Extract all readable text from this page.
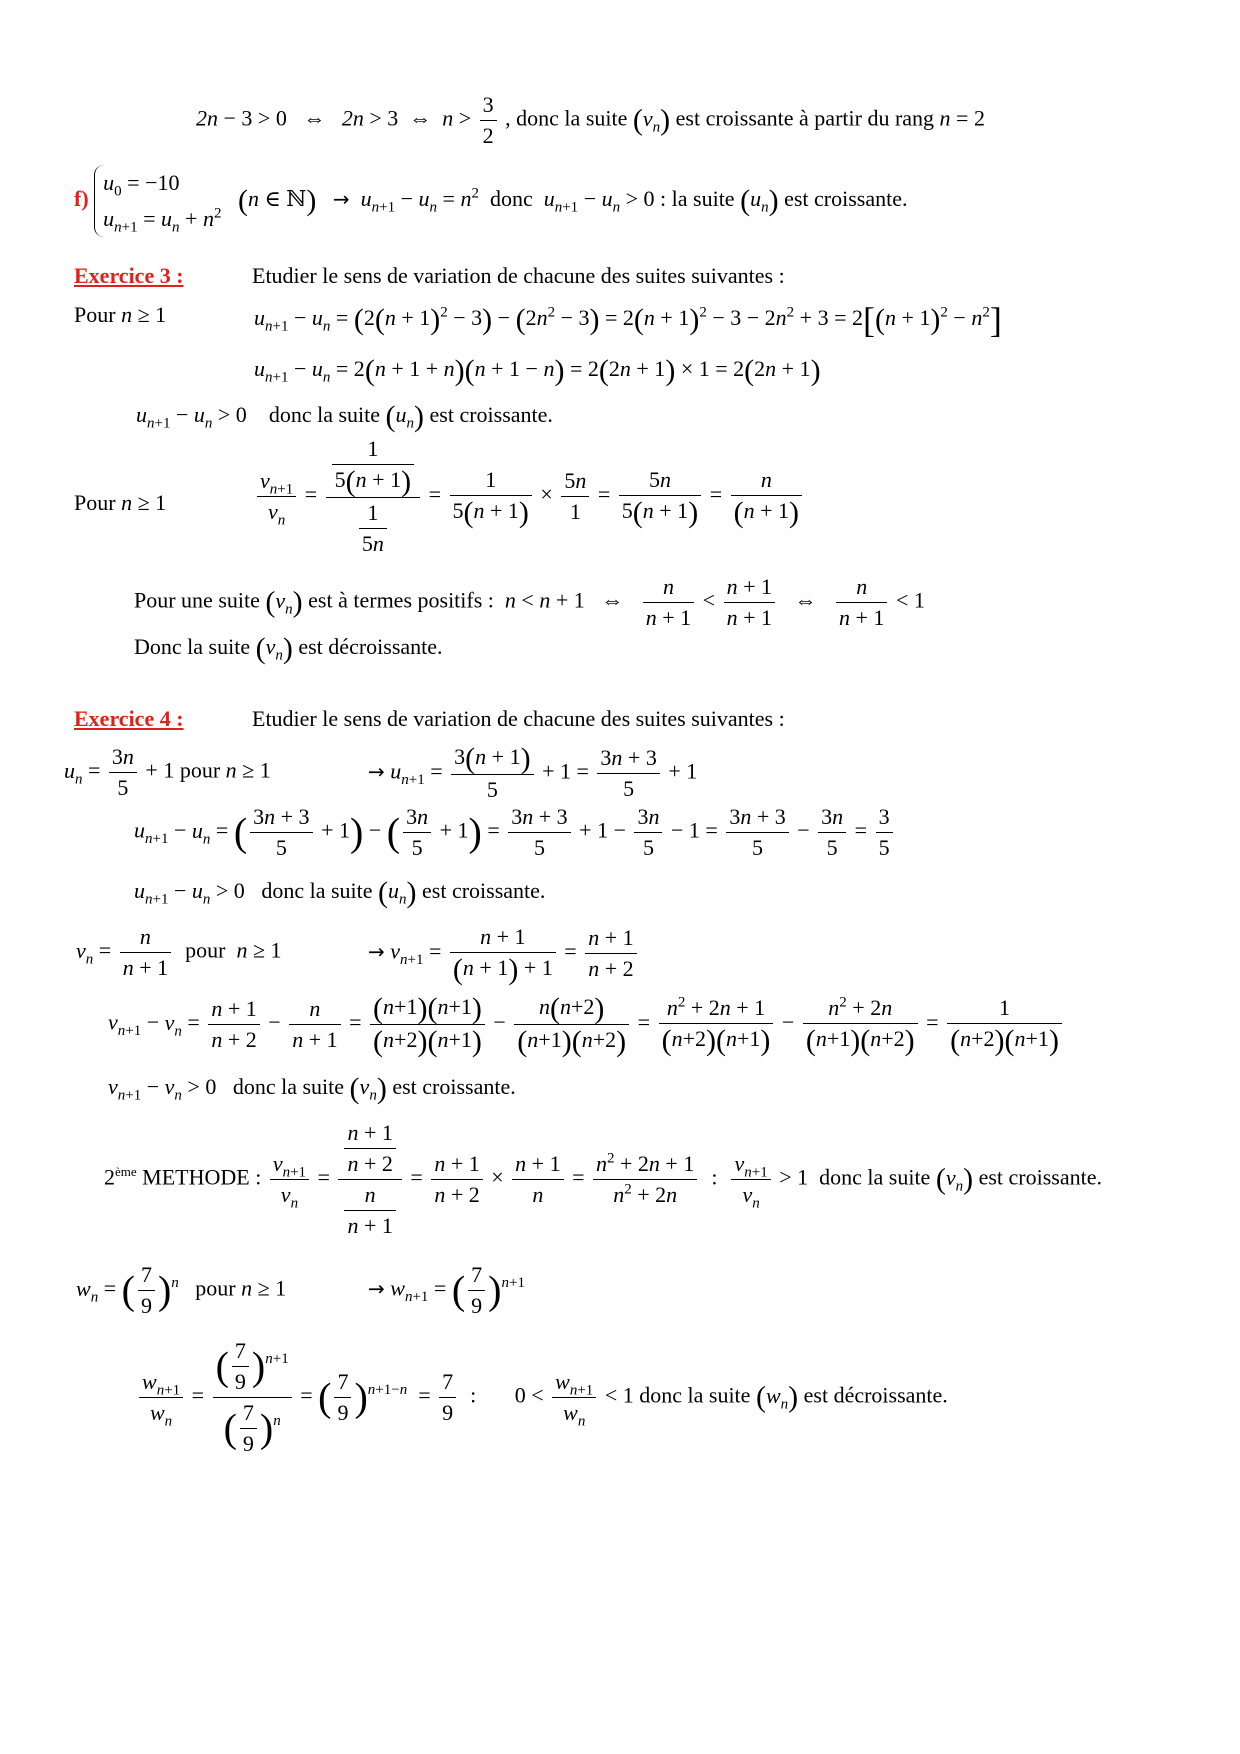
2n − 3 > 0   ⇔   2n > 3  ⇔  $n > \frac{3}{2}$ , donc la suite $(v_n)$ est croissante à partir du rang n = 2
f) $u_0 = -10$
$u_{n+1} = u_n + n^2$ (n ∈ ℕ) → $u_{n+1} - u_n = n^2$ donc $u_{n+1} - u_n > 0$ : la suite $(u_n)$ est croissante.
Exercice 3 :	Etudier le sens de variation de chacune des suites suivantes :
Pour n ≥ 1	$u_{n+1} - u_n = (2(n + 1)^2 - 3) - (2n^2 - 3) = 2(n + 1)^2 - 3 - 2n^2 + 3 = 2[(n + 1)^2 - n^2]$
$u_{n+1} - u_n = 2(n + 1 + n)(n + 1 - n) = 2(2n + 1) \times 1 = 2(2n + 1)$
$u_{n+1} - u_n > 0$    donc la suite $(u_n)$ est croissante.
Pour n ≥ 1	$\frac{v_{n+1}}{v_n} = \frac{\frac{1}{5(n + 1)}}{\frac{1}{5n}} = \frac{1}{5(n + 1)} \times \frac{5n}{1} = \frac{5n}{5(n + 1)} = \frac{n}{(n + 1)}$
Pour une suite $(v_n)$ est à termes positifs : n < n + 1   ⇔ $\frac{n}{n + 1} < \frac{n + 1}{n + 1}$ ⇔ $\frac{n}{n + 1} < 1$
Donc la suite $(v_n)$ est décroissante.
Exercice 4 :	Etudier le sens de variation de chacune des suites suivantes :
$u_n = \frac{3n}{5} + 1$ pour n ≥ 1	→ $u_{n+1} = \frac{3(n + 1)}{5} + 1 = \frac{3n + 3}{5} + 1$
$u_{n+1} - u_n$ = ( $\frac{3n + 3}{5} + 1$) − ( $\frac{3n}{5} + 1) = \frac{3n + 3}{5} + 1 - \frac{3n}{5} - 1 = \frac{3n + 3}{5} - \frac{3n}{5} = \frac{3}{5}$
$u_{n+1} - u_n > 0$   donc la suite $(u_n)$ est croissante.
$v_n = \frac{n}{n + 1}$ pour n ≥ 1	→ $v_{n+1} = \frac{n + 1}{(n + 1) + 1} = \frac{n + 1}{n + 2}$
$v_{n+1} - v_n = \frac{n + 1}{n + 2} - \frac{n}{n + 1} = \frac{(n+1)(n+1)}{(n+2)(n+1)} - \frac{n(n+2)}{(n+1)(n+2)} = \frac{n^2 + 2n + 1}{(n+2)(n+1)} - \frac{n^2 + 2n}{(n+1)(n+2)} = \frac{1}{(n+2)(n+1)}$
$v_{n+1} - v_n > 0$   donc la suite $(v_n)$ est croissante.
2ème METHODE : $\frac{v_{n+1}}{v_n} = \frac{\frac{n + 1}{n + 2}}{\frac{n}{n + 1}} = \frac{n + 1}{n + 2} \times \frac{n + 1}{n} = \frac{n^2 + 2n + 1}{n^2 + 2n}$ : $\frac{v_{n+1}}{v_n} > 1$  donc la suite $(v_n)$ est croissante.
$w_n$ = ( $\frac{7}{9} )^n$ pour n ≥ 1	→ $w_{n+1}$ = ( $\frac{7}{9} )^{n+1}$
$\frac{w_{n+1}}{w_n} = \frac{( \frac{7}{9} )^{n+1}}{( \frac{7}{9} )^n}$ = ( $\frac{7}{9} )^{n+1-n} = \frac{7}{9}$ :       $0 < \frac{w_{n+1}}{w_n} < 1$ donc la suite $(w_n)$ est décroissante.
